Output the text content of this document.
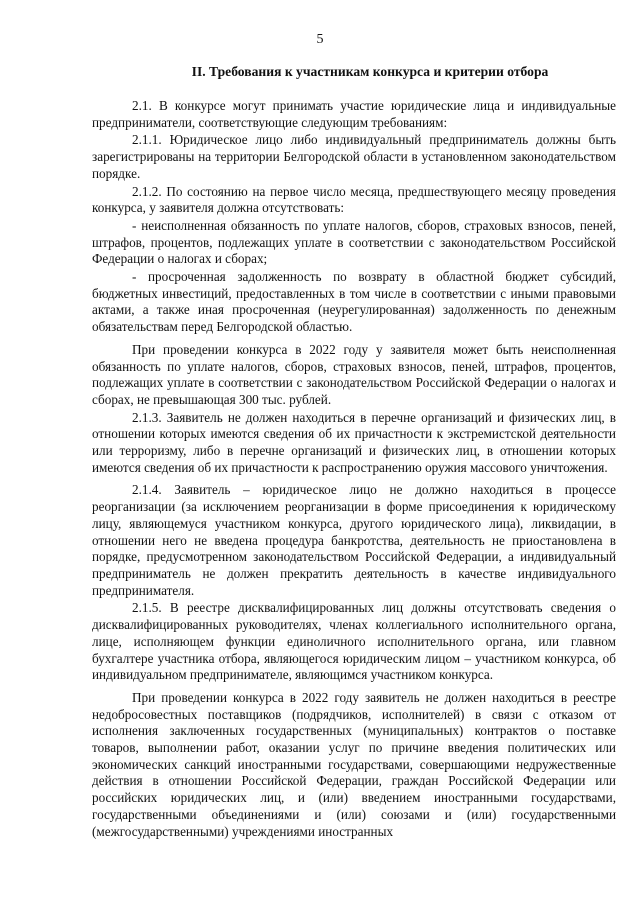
5
II. Требования к участникам конкурса и критерии отбора

2.1. В конкурсе могут принимать участие юридические лица и индивидуальные предприниматели, соответствующие следующим требованиям:

2.1.1. Юридическое лицо либо индивидуальный предприниматель должны быть зарегистрированы на территории Белгородской области в установленном законодательством порядке.

2.1.2. По состоянию на первое число месяца, предшествующего месяцу проведения конкурса, у заявителя должна отсутствовать:

- неисполненная обязанность по уплате налогов, сборов, страховых взносов, пеней, штрафов, процентов, подлежащих уплате в соответствии с законодательством Российской Федерации о налогах и сборах;

- просроченная задолженность по возврату в областной бюджет субсидий, бюджетных инвестиций, предоставленных в том числе в соответствии с иными правовыми актами, а также иная просроченная (неурегулированная) задолженность по денежным обязательствам перед Белгородской областью.

При проведении конкурса в 2022 году у заявителя может быть неисполненная обязанность по уплате налогов, сборов, страховых взносов, пеней, штрафов, процентов, подлежащих уплате в соответствии с законодательством Российской Федерации о налогах и сборах, не превышающая 300 тыс. рублей.

2.1.3. Заявитель не должен находиться в перечне организаций и физических лиц, в отношении которых имеются сведения об их причастности к экстремистской деятельности или терроризму, либо в перечне организаций и физических лиц, в отношении которых имеются сведения об их причастности к распространению оружия массового уничтожения.

2.1.4. Заявитель – юридическое лицо не должно находиться в процессе реорганизации (за исключением реорганизации в форме присоединения к юридическому лицу, являющемуся участником конкурса, другого юридического лица), ликвидации, в отношении него не введена процедура банкротства, деятельность не приостановлена в порядке, предусмотренном законодательством Российской Федерации, а индивидуальный предприниматель не должен прекратить деятельность в качестве индивидуального предпринимателя.

2.1.5. В реестре дисквалифицированных лиц должны отсутствовать сведения о дисквалифицированных руководителях, членах коллегиального исполнительного органа, лице, исполняющем функции единоличного исполнительного органа, или главном бухгалтере участника отбора, являющегося юридическим лицом – участником конкурса, об индивидуальном предпринимателе, являющимся участником конкурса.

При проведении конкурса в 2022 году заявитель не должен находиться в реестре недобросовестных поставщиков (подрядчиков, исполнителей) в связи с отказом от исполнения заключенных государственных (муниципальных) контрактов о поставке товаров, выполнении работ, оказании услуг по причине введения политических или экономических санкций иностранными государствами, совершающими недружественные действия в отношении Российской Федерации, граждан Российской Федерации или российских юридических лиц, и (или) введением иностранными государствами, государственными объединениями и (или) союзами и (или) государственными (межгосударственными) учреждениями иностранных
